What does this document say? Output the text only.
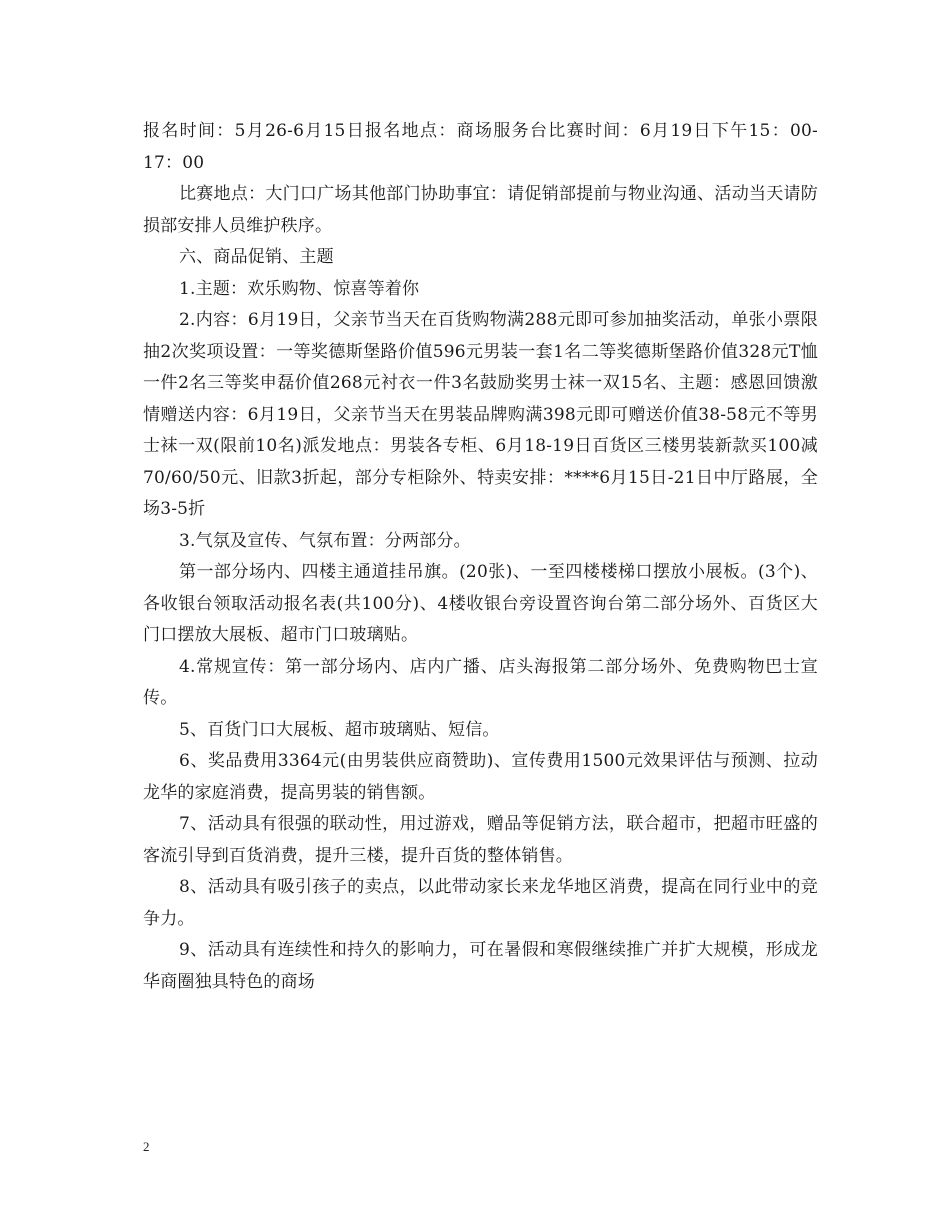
报名时间：5月26-6月15日报名地点：商场服务台比赛时间：6月19日下午15：00-17：00

比赛地点：大门口广场其他部门协助事宜：请促销部提前与物业沟通、活动当天请防损部安排人员维护秩序。

六、商品促销、主题

1.主题：欢乐购物、惊喜等着你

2.内容：6月19日，父亲节当天在百货购物满288元即可参加抽奖活动，单张小票限抽2次奖项设置：一等奖德斯堡路价值596元男装一套1名二等奖德斯堡路价值328元T恤一件2名三等奖申磊价值268元衬衣一件3名鼓励奖男士袜一双15名、主题：感恩回馈激情赠送内容：6月19日，父亲节当天在男装品牌购满398元即可赠送价值38-58元不等男士袜一双(限前10名)派发地点：男装各专柜、6月18-19日百货区三楼男装新款买100减70/60/50元、旧款3折起，部分专柜除外、特卖安排：****6月15日-21日中厅路展，全场3-5折

3.气氛及宣传、气氛布置：分两部分。

第一部分场内、四楼主通道挂吊旗。(20张)、一至四楼楼梯口摆放小展板。(3个)、各收银台领取活动报名表(共100分)、4楼收银台旁设置咨询台第二部分场外、百货区大门口摆放大展板、超市门口玻璃贴。

4.常规宣传：第一部分场内、店内广播、店头海报第二部分场外、免费购物巴士宣传。

5、百货门口大展板、超市玻璃贴、短信。

6、奖品费用3364元(由男装供应商赞助)、宣传费用1500元效果评估与预测、拉动龙华的家庭消费，提高男装的销售额。

7、活动具有很强的联动性，用过游戏，赠品等促销方法，联合超市，把超市旺盛的客流引导到百货消费，提升三楼，提升百货的整体销售。

8、活动具有吸引孩子的卖点，以此带动家长来龙华地区消费，提高在同行业中的竞争力。

9、活动具有连续性和持久的影响力，可在暑假和寒假继续推广并扩大规模，形成龙华商圈独具特色的商场

2
